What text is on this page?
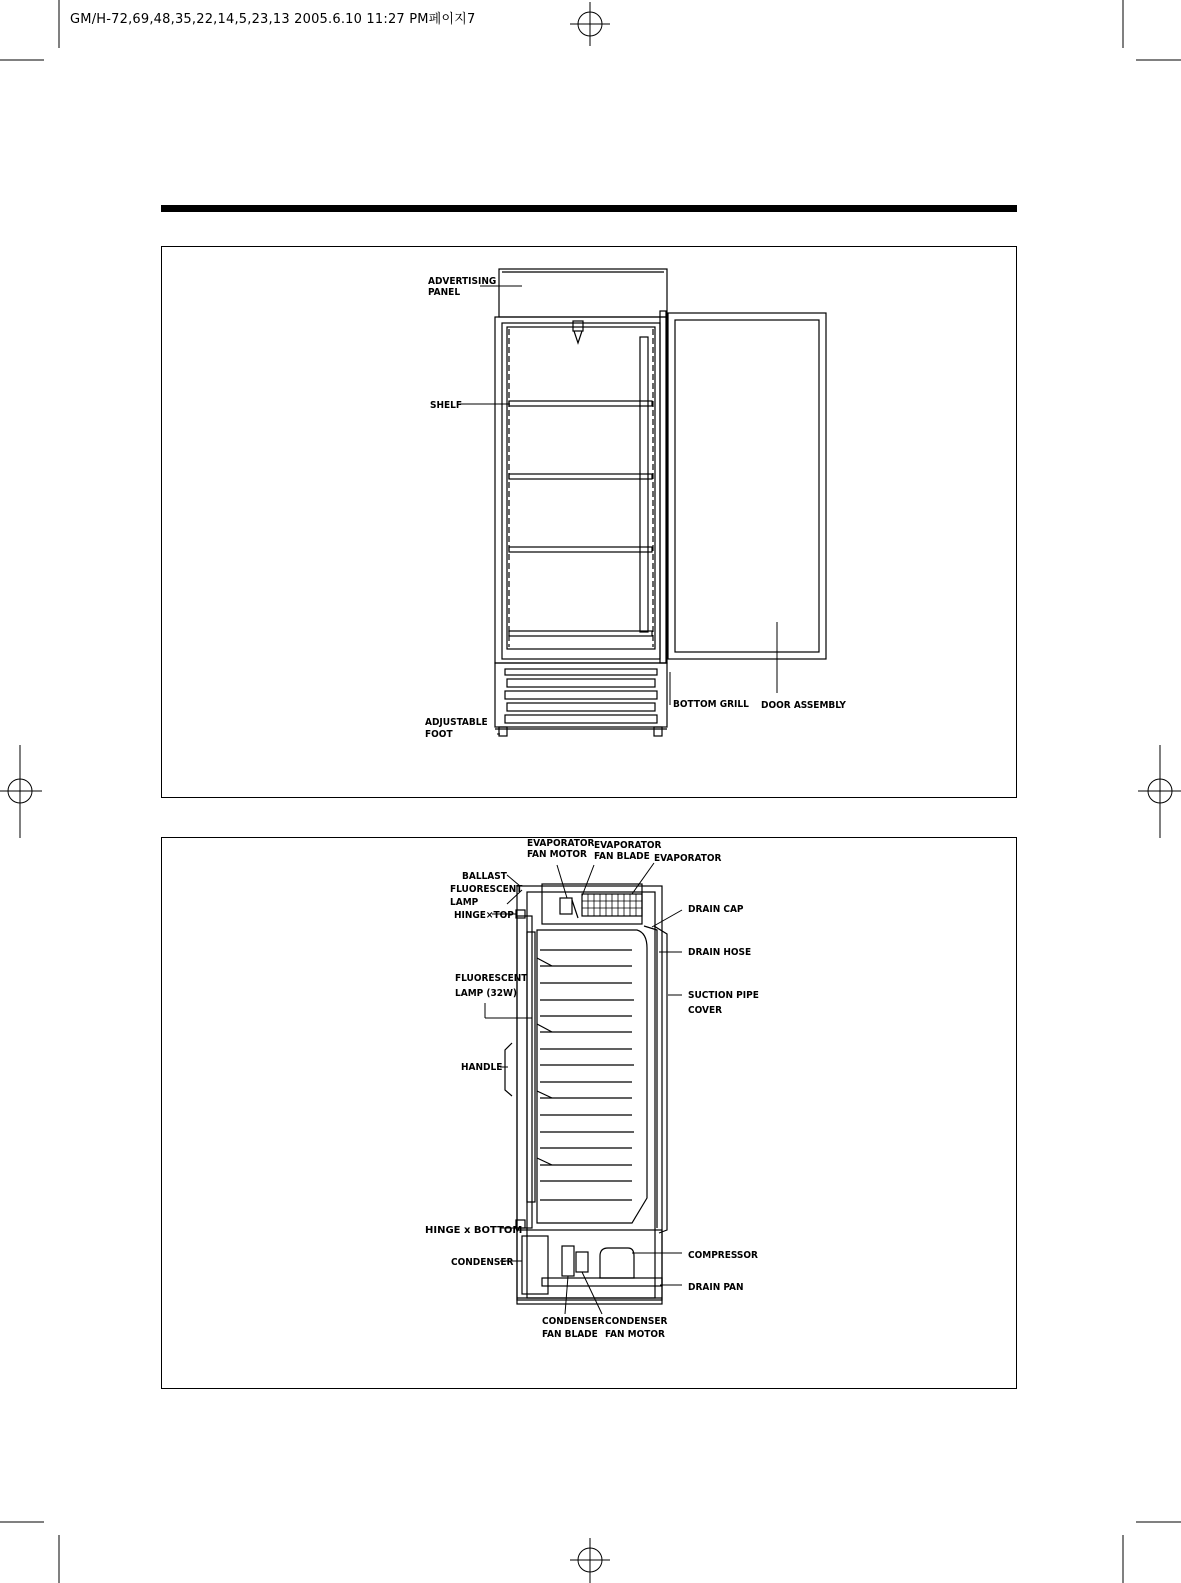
GM/H-72,69,48,35,22,14,5,23,13 2005.6.10 11:27 PM페이지7
ADVERTISING
PANEL
SHELF
ADJUSTABLE
FOOT
BOTTOM GRILL DOOR ASSEMBLY
EVAPORATOR
FAN MOTOR
EVAPORATOR
FAN BLADE EVAPORATOR
BALLAST
FLUORESCENT
LAMP
HINGE×TOP
DRAIN CAP
DRAIN HOSE
FLUORESCENT
LAMP (32W)	SUCTION PIPE
COVER
HANDLE
HINGE x BOTTOM
CONDENSER
COMPRESSOR
DRAIN PAN
CONDENSER
FAN BLADE
CONDENSER
FAN MOTOR
